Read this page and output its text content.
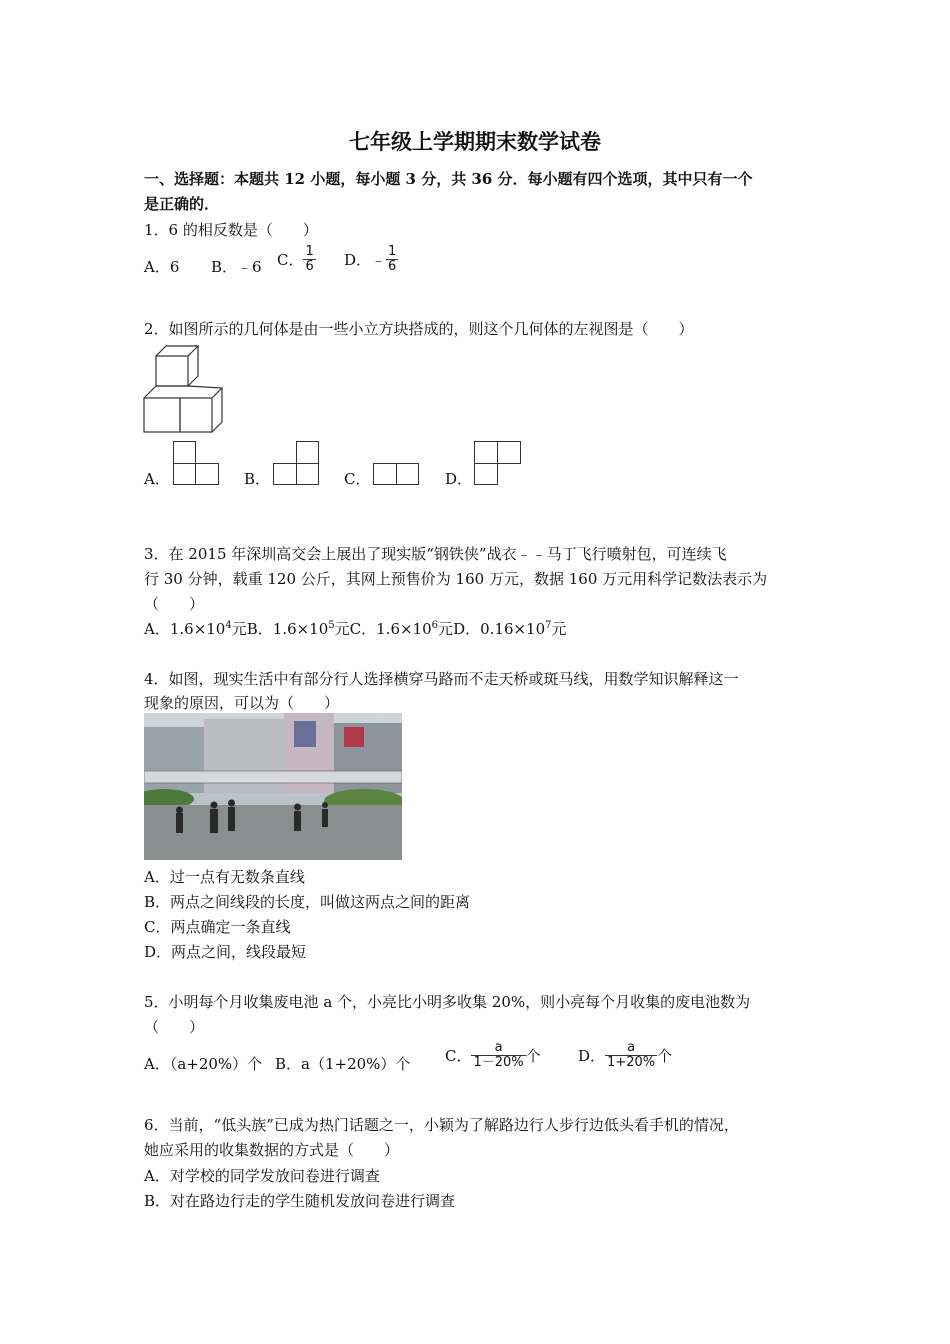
七年级上学期期末数学试卷
一、选择题：本题共 12 小题，每小题 3 分，共 36 分．每小题有四个选项，其中只有一个
是正确的．
1．6 的相反数是（　　）
A．6 B．﹣6 C． $\frac{1}{6}$ D．﹣ $\frac{1}{6}$
2．如图所示的几何体是由一些小立方块搭成的，则这个几何体的左视图是（　　）
A．	B．	C．	D．
3．在 2015 年深圳高交会上展出了现实版“钢铁侠”战衣﹣﹣马丁飞行喷射包，可连续飞
行 30 分钟，载重 120 公斤，其网上预售价为 160 万元，数据 160 万元用科学记数法表示为
（　　）
A．$1.6\times 10^4$元B．$1.6\times 10^5$元C．$1.6\times 10^6$元D．$0.16\times 10^7$元
4．如图，现实生活中有部分行人选择横穿马路而不走天桥或斑马线，用数学知识解释这一
现象的原因，可以为（　　）
A．过一点有无数条直线
B．两点之间线段的长度，叫做这两点之间的距离
C．两点确定一条直线
D．两点之间，线段最短
5．小明每个月收集废电池 a 个，小亮比小明多收集 20%，则小亮每个月收集的废电池数为
（　　）
A．（a+20%）个 B．a（1+20%）个 C． $\frac{a}{1-20\%}$ 个 D． $\frac{a}{1+20\%}$ 个
6．当前，“低头族”已成为热门话题之一，小颖为了解路边行人步行边低头看手机的情况，
她应采用的收集数据的方式是（　　）
A．对学校的同学发放问卷进行调查
B．对在路边行走的学生随机发放问卷进行调查
